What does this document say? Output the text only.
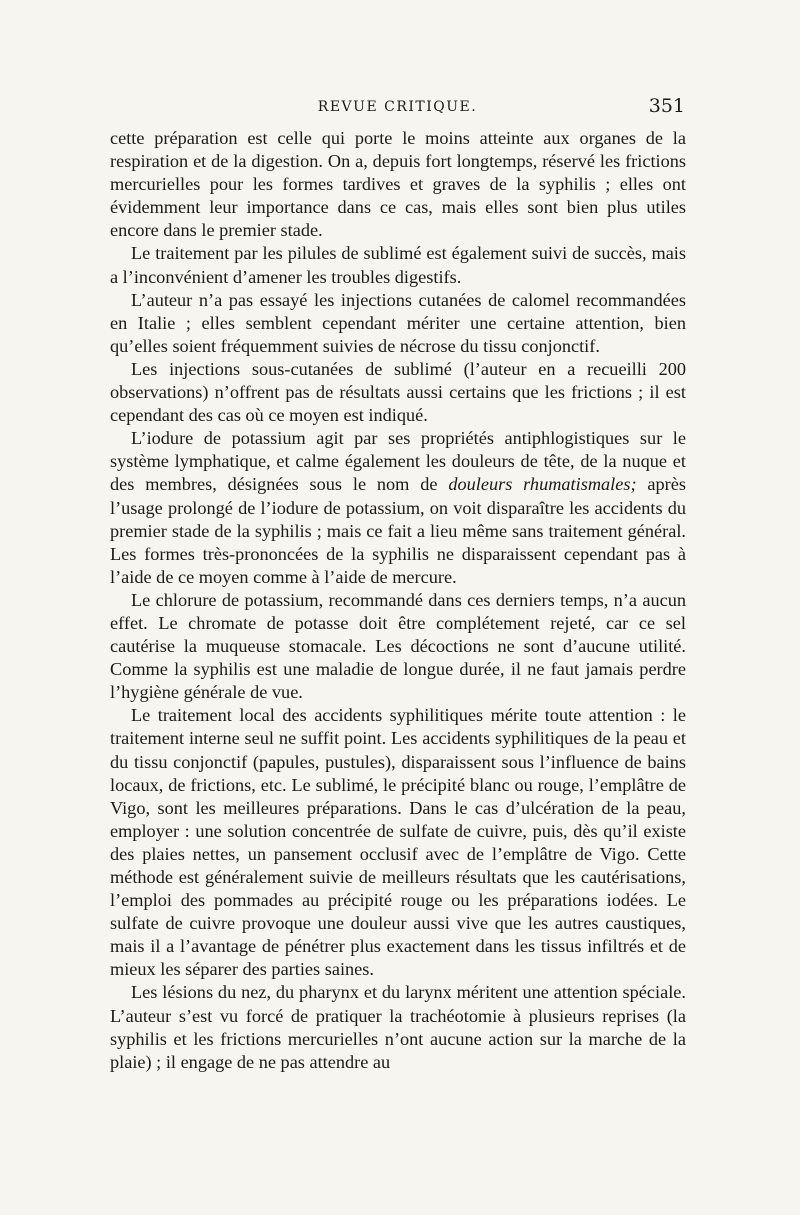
REVUE CRITIQUE.	351

cette préparation est celle qui porte le moins atteinte aux organes de la respiration et de la digestion. On a, depuis fort longtemps, réservé les frictions mercurielles pour les formes tardives et graves de la syphilis ; elles ont évidemment leur importance dans ce cas, mais elles sont bien plus utiles encore dans le premier stade.

Le traitement par les pilules de sublimé est également suivi de succès, mais a l’inconvénient d’amener les troubles digestifs.

L’auteur n’a pas essayé les injections cutanées de calomel recommandées en Italie ; elles semblent cependant mériter une certaine attention, bien qu’elles soient fréquemment suivies de nécrose du tissu conjonctif.

Les injections sous-cutanées de sublimé (l’auteur en a recueilli 200 observations) n’offrent pas de résultats aussi certains que les frictions ; il est cependant des cas où ce moyen est indiqué.

L’iodure de potassium agit par ses propriétés antiphlogistiques sur le système lymphatique, et calme également les douleurs de tête, de la nuque et des membres, désignées sous le nom de douleurs rhumatismales; après l’usage prolongé de l’iodure de potassium, on voit disparaître les accidents du premier stade de la syphilis ; mais ce fait a lieu même sans traitement général. Les formes très-prononcées de la syphilis ne disparaissent cependant pas à l’aide de ce moyen comme à l’aide de mercure.

Le chlorure de potassium, recommandé dans ces derniers temps, n’a aucun effet. Le chromate de potasse doit être complétement rejeté, car ce sel cautérise la muqueuse stomacale. Les décoctions ne sont d’aucune utilité. Comme la syphilis est une maladie de longue durée, il ne faut jamais perdre l’hygiène générale de vue.

Le traitement local des accidents syphilitiques mérite toute attention : le traitement interne seul ne suffit point. Les accidents syphilitiques de la peau et du tissu conjonctif (papules, pustules), disparaissent sous l’influence de bains locaux, de frictions, etc. Le sublimé, le précipité blanc ou rouge, l’emplâtre de Vigo, sont les meilleures préparations. Dans le cas d’ulcération de la peau, employer : une solution concentrée de sulfate de cuivre, puis, dès qu’il existe des plaies nettes, un pansement occlusif avec de l’emplâtre de Vigo. Cette méthode est généralement suivie de meilleurs résultats que les cautérisations, l’emploi des pommades au précipité rouge ou les préparations iodées. Le sulfate de cuivre provoque une douleur aussi vive que les autres caustiques, mais il a l’avantage de pénétrer plus exactement dans les tissus infiltrés et de mieux les séparer des parties saines.

Les lésions du nez, du pharynx et du larynx méritent une attention spéciale. L’auteur s’est vu forcé de pratiquer la trachéotomie à plusieurs reprises (la syphilis et les frictions mercurielles n’ont aucune action sur la marche de la plaie) ; il engage de ne pas attendre au
